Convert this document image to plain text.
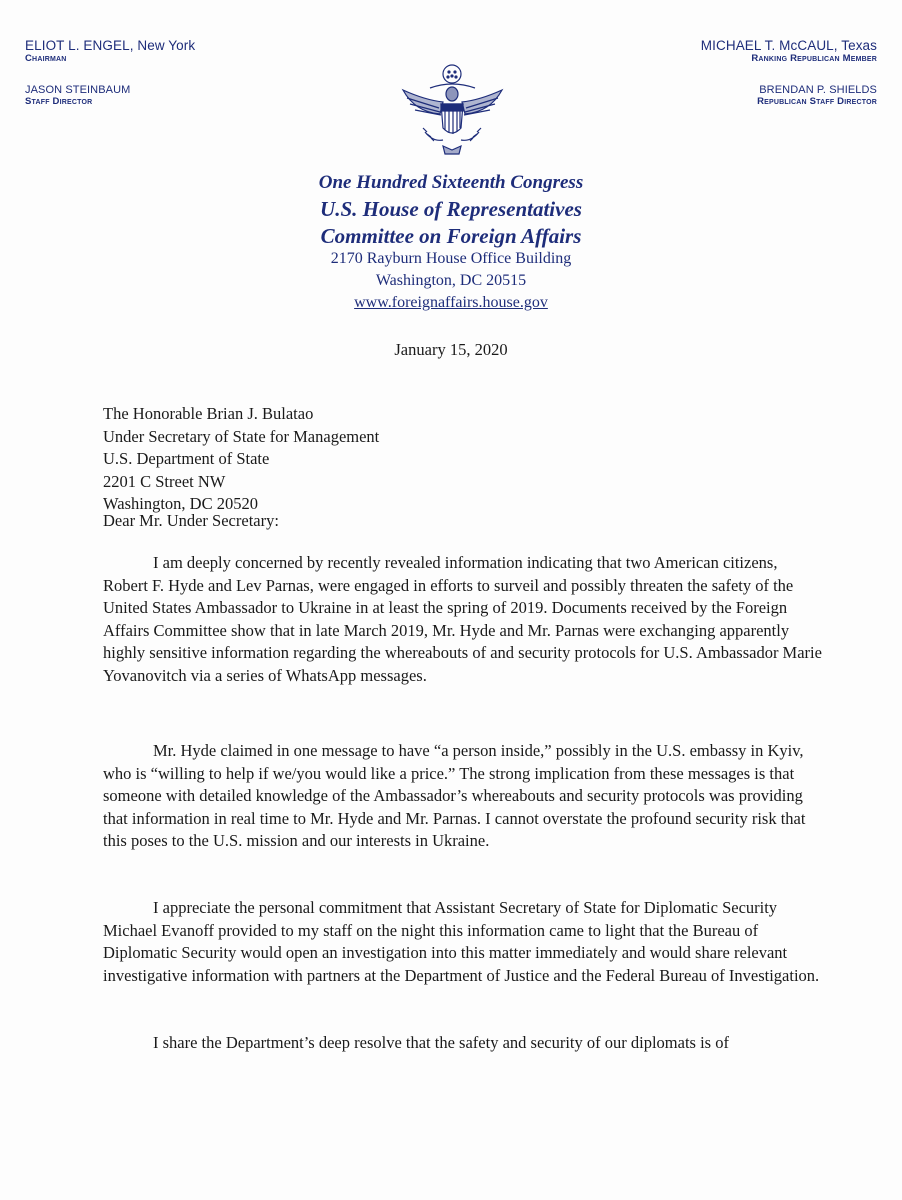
ELIOT L. ENGEL, New York
Chairman
JASON STEINBAUM
Staff Director
MICHAEL T. McCAUL, Texas
Ranking Republican Member
BRENDAN P. SHIELDS
Republican Staff Director
One Hundred Sixteenth Congress
U.S. House of Representatives
Committee on Foreign Affairs
2170 Rayburn House Office Building
Washington, DC 20515
www.foreignaffairs.house.gov
January 15, 2020
The Honorable Brian J. Bulatao
Under Secretary of State for Management
U.S. Department of State
2201 C Street NW
Washington, DC 20520
Dear Mr. Under Secretary:
I am deeply concerned by recently revealed information indicating that two American citizens, Robert F. Hyde and Lev Parnas, were engaged in efforts to surveil and possibly threaten the safety of the United States Ambassador to Ukraine in at least the spring of 2019. Documents received by the Foreign Affairs Committee show that in late March 2019, Mr. Hyde and Mr. Parnas were exchanging apparently highly sensitive information regarding the whereabouts of and security protocols for U.S. Ambassador Marie Yovanovitch via a series of WhatsApp messages.
Mr. Hyde claimed in one message to have “a person inside,” possibly in the U.S. embassy in Kyiv, who is “willing to help if we/you would like a price.” The strong implication from these messages is that someone with detailed knowledge of the Ambassador’s whereabouts and security protocols was providing that information in real time to Mr. Hyde and Mr. Parnas. I cannot overstate the profound security risk that this poses to the U.S. mission and our interests in Ukraine.
I appreciate the personal commitment that Assistant Secretary of State for Diplomatic Security Michael Evanoff provided to my staff on the night this information came to light that the Bureau of Diplomatic Security would open an investigation into this matter immediately and would share relevant investigative information with partners at the Department of Justice and the Federal Bureau of Investigation.
I share the Department’s deep resolve that the safety and security of our diplomats is of
